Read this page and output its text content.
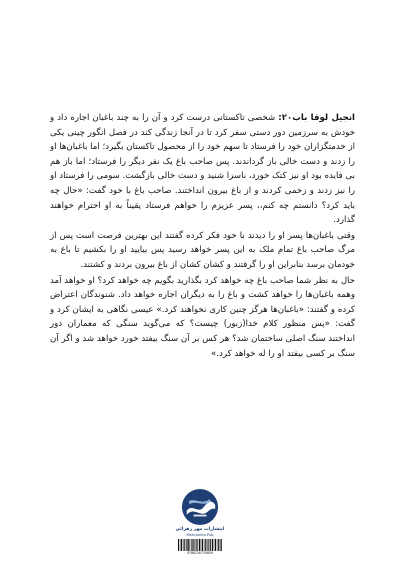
انجیل لوقا باب۲۰: شخصی تاکستانی درست کرد و آن را به چند باغبان اجاره داد و خودش به سرزمین دور دستی سفر کرد تا در آنجا زندگی کند در فصل انگور چینی یکی از خدمتگزاران خود را فرستاد تا سهم خود را از محصول تاکستان بگیرد؛ اما باغبان‌ها او را زدند و دست خالی باز گرداندند. پس صاحب باغ یک نفر دیگر را فرستاد؛ اما باز هم بی فایده بود او نیز کتک خورد، ناسزا شنید و دست خالی بازگشت. سومی را فرستاد او را نیز زدند و زخمی کردند و از باغ بیرون انداختند. صاحب باغ با خود گفت: «حال چه باید کرد؟ دانستم چه کنم،، پسر عزیزم را خواهم فرستاد یقیناً به او احترام خواهند گذارد.

وقتی باغبان‌ها پسر او را دیدند با خود فکر کرده گفتند این بهترین فرصت است پس از مرگ صاحب باغ تمام ملک به این پسر خواهد رسید پس بیایید او را بکشیم تا باغ به خودمان برسد بنابراین او را گرفتند و کشان کشان از باغ بیرون بردند و کشتند.

حال به نظر شما صاحب باغ چه خواهد کرد بگذارید بگویم چه خواهد کرد؟ او خواهد آمد وهمه باغبان‌ها را خواهد کشت و باغ را به دیگران اجاره خواهد داد. شنوندگان اعتراض کرده و گفتند: «باغبان‌ها هرگز چنین کاری نخواهند کرد.» عیسی نگاهی به ایشان کرد و گفت: «پس منظور کلام خدا(زبور) چیست؟ که می‌گوید سنگی که معماران دور انداختند سنگ اصلی ساختمان شد؟ هر کس بر آن سنگ بیفتد خورد خواهد شد و اگر آن سنگ بر کسی بیفتد او را له خواهد کرد.»

انتشارات مهر زهرائی
Mehrzahra.Pub
9786226729059
